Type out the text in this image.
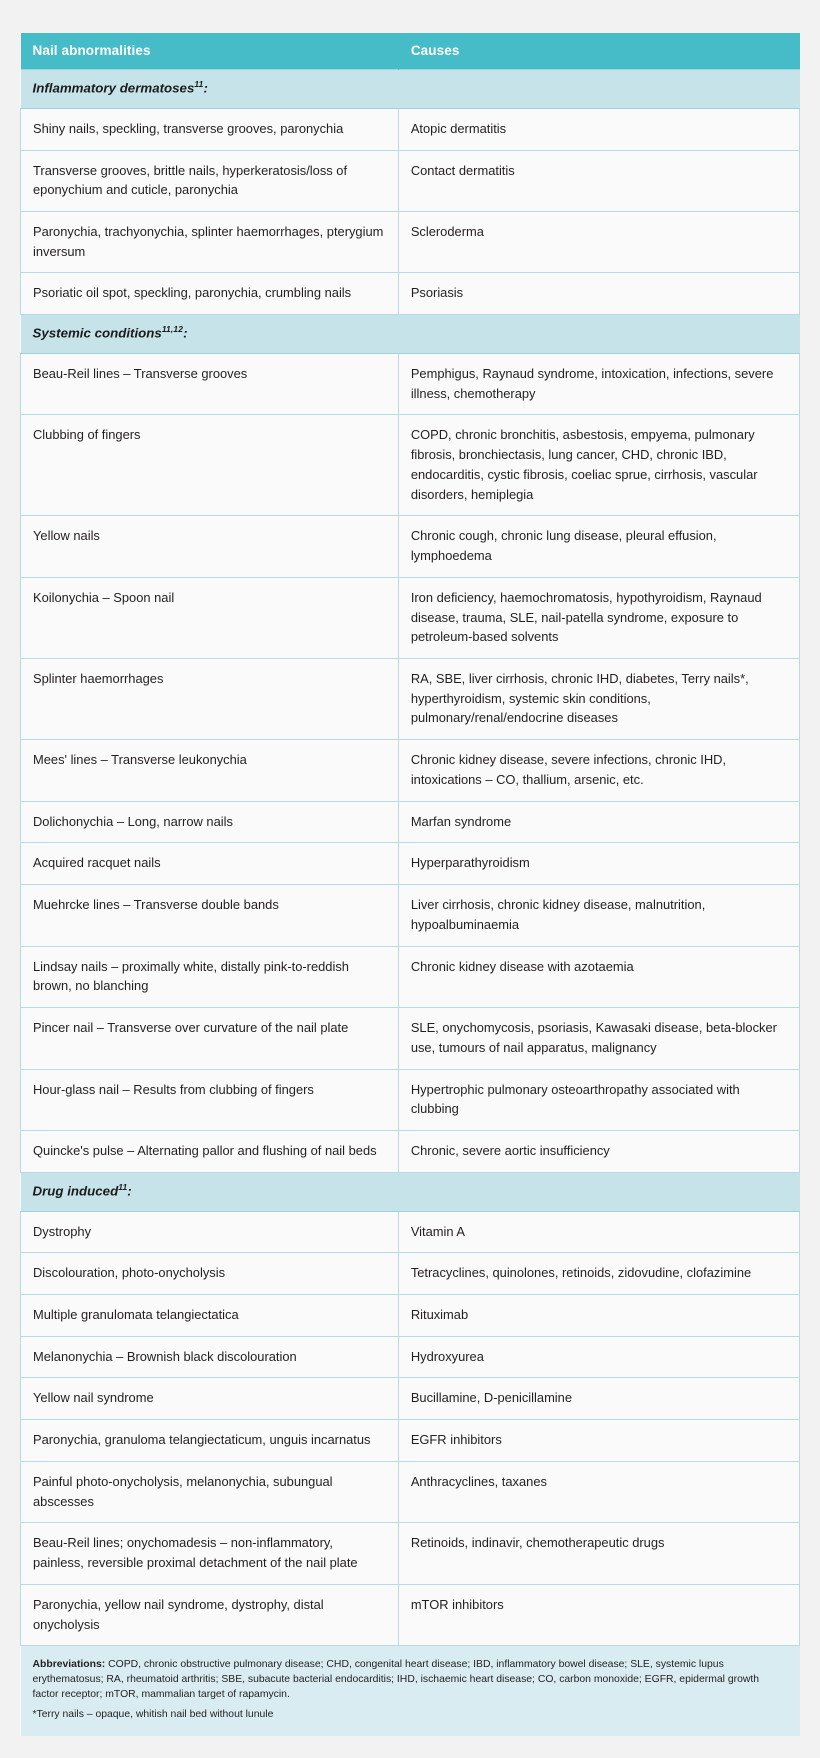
Nail abnormalities	Causes
Inflammatory dermatoses$^{11}$:	
Shiny nails, speckling, transverse grooves, paronychia	Atopic dermatitis
Transverse grooves, brittle nails, hyperkeratosis/loss of eponychium and cuticle, paronychia	Contact dermatitis
Paronychia, trachyonychia, splinter haemorrhages, pterygium inversum	Scleroderma
Psoriatic oil spot, speckling, paronychia, crumbling nails	Psoriasis
Systemic conditions$^{11,12}$:	
Beau-Reil lines – Transverse grooves	Pemphigus, Raynaud syndrome, intoxication, infections, severe illness, chemotherapy
Clubbing of fingers	COPD, chronic bronchitis, asbestosis, empyema, pulmonary fibrosis, bronchiectasis, lung cancer, CHD, chronic IBD, endocarditis, cystic fibrosis, coeliac sprue, cirrhosis, vascular disorders, hemiplegia
Yellow nails	Chronic cough, chronic lung disease, pleural effusion, lymphoedema
Koilonychia – Spoon nail	Iron deficiency, haemochromatosis, hypothyroidism, Raynaud disease, trauma, SLE, nail-patella syndrome, exposure to petroleum-based solvents
Splinter haemorrhages	RA, SBE, liver cirrhosis, chronic IHD, diabetes, Terry nails*, hyperthyroidism, systemic skin conditions, pulmonary/renal/endocrine diseases
Mees' lines – Transverse leukonychia	Chronic kidney disease, severe infections, chronic IHD, intoxications – CO, thallium, arsenic, etc.
Dolichonychia – Long, narrow nails	Marfan syndrome
Acquired racquet nails	Hyperparathyroidism
Muehrcke lines – Transverse double bands	Liver cirrhosis, chronic kidney disease, malnutrition, hypoalbuminaemia
Lindsay nails – proximally white, distally pink-to-reddish brown, no blanching	Chronic kidney disease with azotaemia
Pincer nail – Transverse over curvature of the nail plate	SLE, onychomycosis, psoriasis, Kawasaki disease, beta-blocker use, tumours of nail apparatus, malignancy
Hour-glass nail – Results from clubbing of fingers	Hypertrophic pulmonary osteoarthropathy associated with clubbing
Quincke's pulse – Alternating pallor and flushing of nail beds	Chronic, severe aortic insufficiency
Drug induced$^{11}$:	
Dystrophy	Vitamin A
Discolouration, photo-onycholysis	Tetracyclines, quinolones, retinoids, zidovudine, clofazimine
Multiple granulomata telangiectatica	Rituximab
Melanonychia – Brownish black discolouration	Hydroxyurea
Yellow nail syndrome	Bucillamine, D-penicillamine
Paronychia, granuloma telangiectaticum, unguis incarnatus	EGFR inhibitors
Painful photo-onycholysis, melanonychia, subungual abscesses	Anthracyclines, taxanes
Beau-Reil lines; onychomadesis – non-inflammatory, painless, reversible proximal detachment of the nail plate	Retinoids, indinavir, chemotherapeutic drugs
Paronychia, yellow nail syndrome, dystrophy, distal onycholysis	mTOR inhibitors

Abbreviations: COPD, chronic obstructive pulmonary disease; CHD, congenital heart disease; IBD, inflammatory bowel disease; SLE, systemic lupus erythematosus; RA, rheumatoid arthritis; SBE, subacute bacterial endocarditis; IHD, ischaemic heart disease; CO, carbon monoxide; EGFR, epidermal growth factor receptor; mTOR, mammalian target of rapamycin.

*Terry nails – opaque, whitish nail bed without lunule	
